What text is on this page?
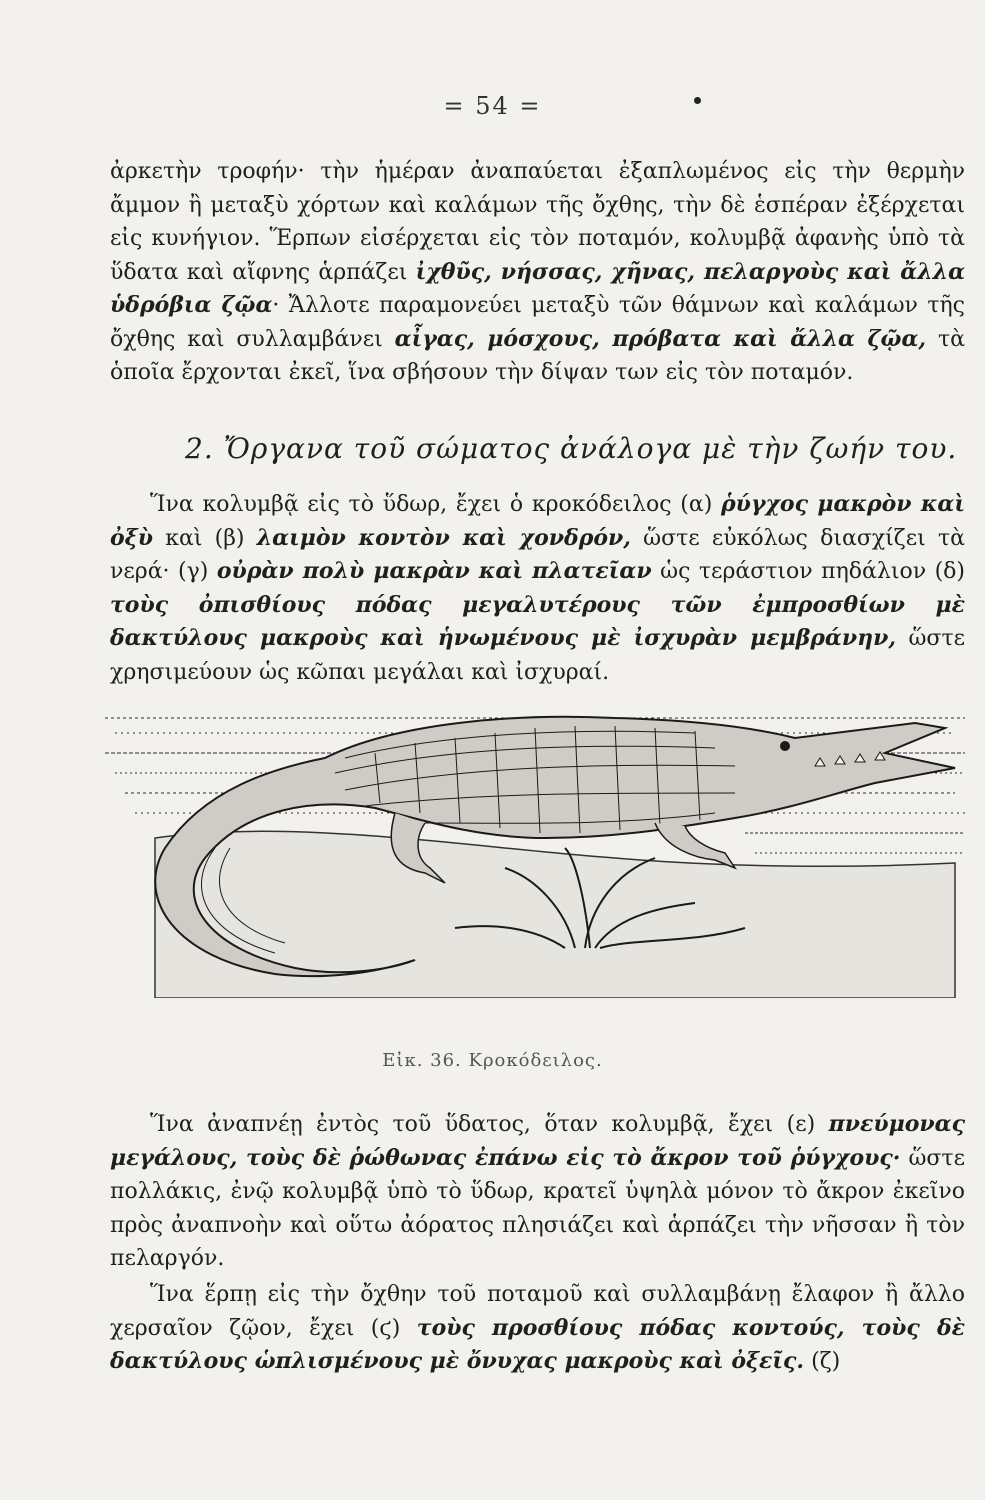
= 54 =

ἀρκετὴν τροφήν· τὴν ἡμέραν ἀναπαύεται ἐξαπλωμένος εἰς τὴν θερμὴν ἄμμον ἢ μεταξὺ χόρτων καὶ καλάμων τῆς ὄχθης, τὴν δὲ ἑσπέραν ἐξέρχεται εἰς κυνήγιον. Ἕρπων εἰσέρχεται εἰς τὸν ποταμόν, κολυμβᾷ ἀφανὴς ὑπὸ τὰ ὕδατα καὶ αἴφνης ἁρπάζει ἰχθῦς, νήσσας, χῆνας, πελαργοὺς καὶ ἄλλα ὑδρόβια ζῷα· Ἄλλοτε παραμονεύει μεταξὺ τῶν θάμνων καὶ καλάμων τῆς ὄχθης καὶ συλλαμβάνει αἶγας, μόσχους, πρόβατα καὶ ἄλλα ζῷα, τὰ ὁποῖα ἔρχονται ἐκεῖ, ἵνα σβήσουν τὴν δίψαν των εἰς τὸν ποταμόν.

2. Ὄργανα τοῦ σώματος ἀνάλογα μὲ τὴν ζωήν του.

Ἵνα κολυμβᾷ εἰς τὸ ὕδωρ, ἔχει ὁ κροκόδειλος (α) ῥύγχος μακρὸν καὶ ὀξὺ καὶ (β) λαιμὸν κοντὸν καὶ χονδρόν, ὥστε εὐκόλως διασχίζει τὰ νερά· (γ) οὐρὰν πολὺ μακρὰν καὶ πλατεῖαν ὡς τεράστιον πηδάλιον (δ) τοὺς ὀπισθίους πόδας μεγαλυτέρους τῶν ἐμπροσθίων μὲ δακτύλους μακροὺς καὶ ἡνωμένους μὲ ἰσχυρὰν μεμβράνην, ὥστε χρησιμεύουν ὡς κῶπαι μεγάλαι καὶ ἰσχυραί.

Εἰκ. 36. Κροκόδειλος.

Ἵνα ἀναπνέῃ ἐντὸς τοῦ ὕδατος, ὅταν κολυμβᾷ, ἔχει (ε) πνεύμονας μεγάλους, τοὺς δὲ ῥώθωνας ἐπάνω εἰς τὸ ἄκρον τοῦ ῥύγχους· ὥστε πολλάκις, ἐνῷ κολυμβᾷ ὑπὸ τὸ ὕδωρ, κρατεῖ ὑψηλὰ μόνον τὸ ἄκρον ἐκεῖνο πρὸς ἀναπνοὴν καὶ οὕτω ἀόρατος πλησιάζει καὶ ἁρπάζει τὴν νῆσσαν ἢ τὸν πελαργόν.

Ἵνα ἕρπῃ εἰς τὴν ὄχθην τοῦ ποταμοῦ καὶ συλλαμβάνῃ ἔλαφον ἢ ἄλλο χερσαῖον ζῷον, ἔχει (ϛ) τοὺς προσθίους πόδας κοντούς, τοὺς δὲ δακτύλους ὡπλισμένους μὲ ὄνυχας μακροὺς καὶ ὀξεῖς. (ζ)
